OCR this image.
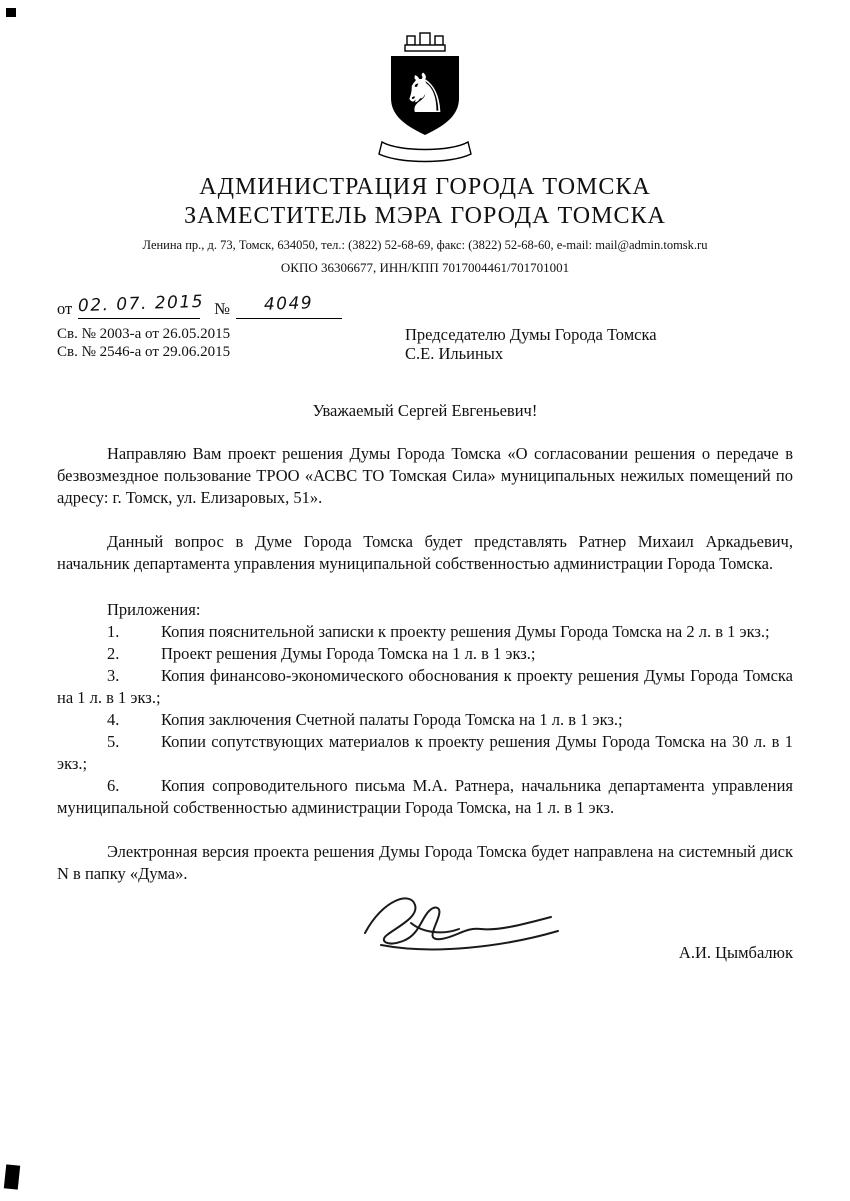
♞
АДМИНИСТРАЦИЯ ГОРОДА ТОМСКА
ЗАМЕСТИТЕЛЬ МЭРА ГОРОДА ТОМСКА
Ленина пр., д. 73, Томск, 634050, тел.: (3822) 52-68-69, факс: (3822) 52-68-60, e-mail: mail@admin.tomsk.ru
ОКПО 36306677, ИНН/КПП 7017004461/701701001
от 02. 07. 2015 №	4049
Св. № 2003-а от 26.05.2015
Св. № 2546-а от 29.06.2015
Председателю Думы Города Томска
С.Е. Ильиных
Уважаемый Сергей Евгеньевич!

Направляю Вам проект решения Думы Города Томска «О согласовании решения о передаче в безвозмездное пользование ТРОО «АСВС ТО Томская Сила» муниципальных нежилых помещений по адресу: г. Томск, ул. Елизаровых, 51».

Данный вопрос в Думе Города Томска будет представлять Ратнер Михаил Аркадьевич, начальник департамента управления муниципальной собственностью администрации Города Томска.

Приложения:

1.	Копия пояснительной записки к проекту решения Думы Города Томска на 2 л. в 1 экз.;

2.	Проект решения Думы Города Томска на 1 л. в 1 экз.;

3.	Копия финансово-экономического обоснования к проекту решения Думы Города Томска на 1 л. в 1 экз.;

4.	Копия заключения Счетной палаты Города Томска на 1 л. в 1 экз.;

5.	Копии сопутствующих материалов к проекту решения Думы Города Томска на 30 л. в 1 экз.;

6.	Копия сопроводительного письма М.А. Ратнера, начальника департамента управления муниципальной собственностью администрации Города Томска, на 1 л. в 1 экз.

Электронная версия проекта решения Думы Города Томска будет направлена на системный диск N в папку «Дума».

А.И. Цымбалюк
